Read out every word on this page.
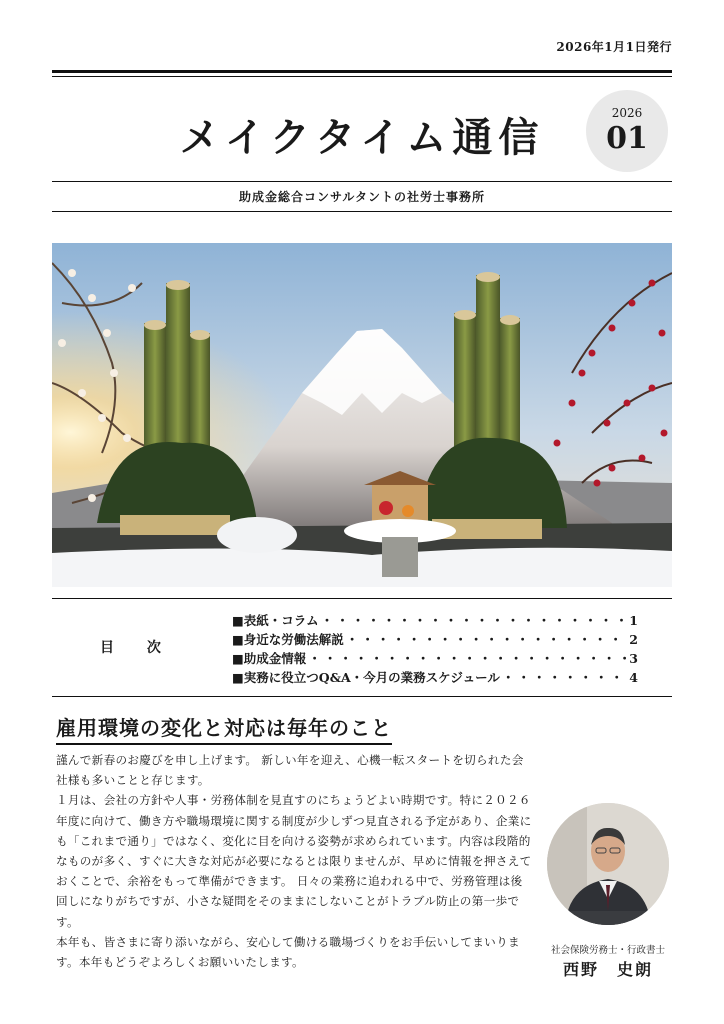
2026年1月1日発行
メイクタイム通信
2026
01
助成金総合コンサルタントの社労士事務所
目 次
■表紙・コラム ・・・・・・・・・・・・・・・・・・・・・・・・・・・・・・・・・・・・・・・・・・・・	1
■身近な労働法解説 ・・・・・・・・・・・・・・・・・・・・・・・・・・・・・・・・・・・・・・・・・・・・	2
■助成金情報 ・・・・・・・・・・・・・・・・・・・・・・・・・・・・・・・・・・・・・・・・・・・・	3
■実務に役立つQ&A・今月の業務スケジュール ・・・・・・・・・・・・・・・・・・・・・・・・・・・・・・・・・・・・・・・・・・・・	4
雇用環境の変化と対応は毎年のこと

謹んで新春のお慶びを申し上げます。 新しい年を迎え、心機一転スタートを切られた会社様も多いことと存じます。

１月は、会社の方針や人事・労務体制を見直すのにちょうどよい時期です。特に２０２６年度に向けて、働き方や職場環境に関する制度が少しずつ見直される予定があり、企業にも「これまで通り」ではなく、変化に目を向ける姿勢が求められています。内容は段階的なものが多く、すぐに大きな対応が必要になるとは限りませんが、早めに情報を押さえておくことで、余裕をもって準備ができます。 日々の業務に追われる中で、労務管理は後回しになりがちですが、小さな疑問をそのままにしないことがトラブル防止の第一歩です。

本年も、皆さまに寄り添いながら、安心して働ける職場づくりをお手伝いしてまいります。本年もどうぞよろしくお願いいたします。

社会保険労務士・行政書士
西野　史朗
